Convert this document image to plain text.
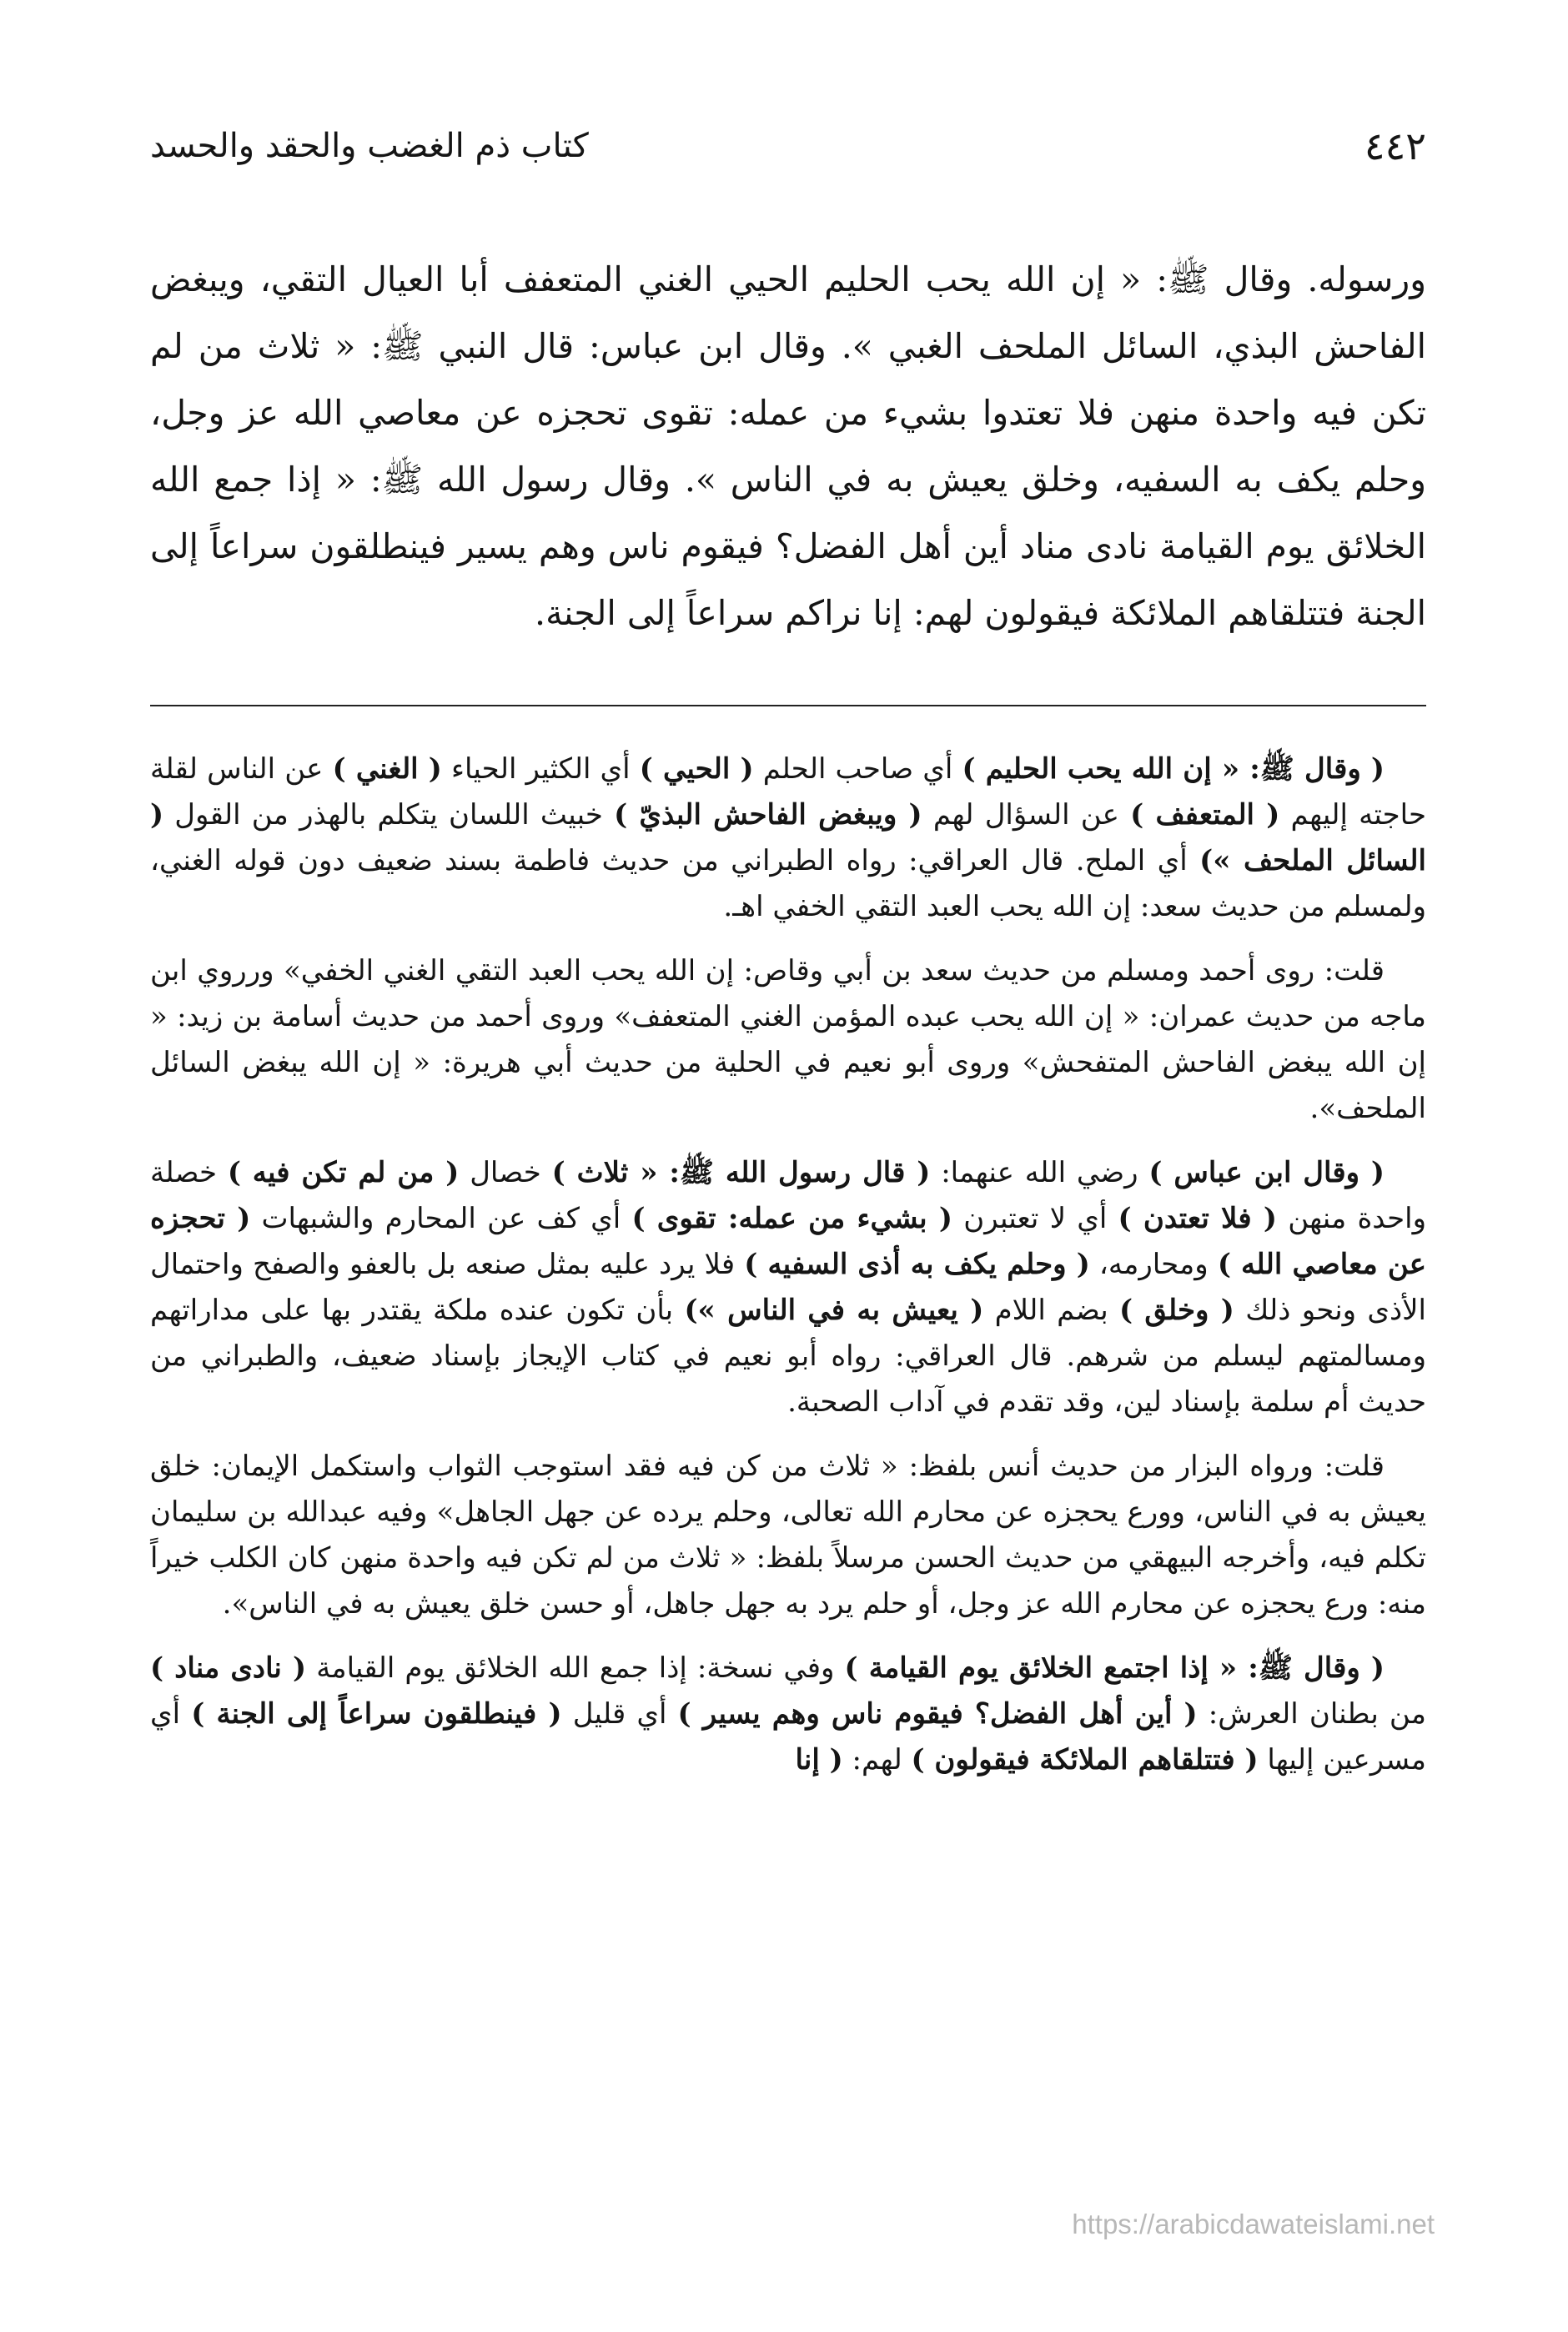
٤٤٢
كتاب ذم الغضب والحقد والحسد

ورسوله. وقال ﷺ: « إن الله يحب الحليم الحيي الغني المتعفف أبا العيال التقي، ويبغض الفاحش البذي، السائل الملحف الغبي ». وقال ابن عباس: قال النبي ﷺ: « ثلاث من لم تكن فيه واحدة منهن فلا تعتدوا بشيء من عمله: تقوى تحجزه عن معاصي الله عز وجل، وحلم يكف به السفيه، وخلق يعيش به في الناس ». وقال رسول الله ﷺ: « إذا جمع الله الخلائق يوم القيامة نادى مناد أين أهل الفضل؟ فيقوم ناس وهم يسير فينطلقون سراعاً إلى الجنة فتتلقاهم الملائكة فيقولون لهم: إنا نراكم سراعاً إلى الجنة.

( وقال ﷺ: « إن الله يحب الحليم ) أي صاحب الحلم ( الحيي ) أي الكثير الحياء ( الغني ) عن الناس لقلة حاجته إليهم ( المتعفف ) عن السؤال لهم ( ويبغض الفاحش البذيّ ) خبيث اللسان يتكلم بالهذر من القول ( السائل الملحف ») أي الملح. قال العراقي: رواه الطبراني من حديث فاطمة بسند ضعيف دون قوله الغني، ولمسلم من حديث سعد: إن الله يحب العبد التقي الخفي اهـ.

قلت: روى أحمد ومسلم من حديث سعد بن أبي وقاص: إن الله يحب العبد التقي الغني الخفي» ورروي ابن ماجه من حديث عمران: « إن الله يحب عبده المؤمن الغني المتعفف» وروى أحمد من حديث أسامة بن زيد: « إن الله يبغض الفاحش المتفحش» وروى أبو نعيم في الحلية من حديث أبي هريرة: « إن الله يبغض السائل الملحف».

( وقال ابن عباس ) رضي الله عنهما: ( قال رسول الله ﷺ: « ثلاث ) خصال ( من لم تكن فيه ) خصلة واحدة منهن ( فلا تعتدن ) أي لا تعتبرن ( بشيء من عمله: تقوى ) أي كف عن المحارم والشبهات ( تحجزه عن معاصي الله ) ومحارمه، ( وحلم يكف به أذى السفيه ) فلا يرد عليه بمثل صنعه بل بالعفو والصفح واحتمال الأذى ونحو ذلك ( وخلق ) بضم اللام ( يعيش به في الناس ») بأن تكون عنده ملكة يقتدر بها على مداراتهم ومسالمتهم ليسلم من شرهم. قال العراقي: رواه أبو نعيم في كتاب الإيجاز بإسناد ضعيف، والطبراني من حديث أم سلمة بإسناد لين، وقد تقدم في آداب الصحبة.

قلت: ورواه البزار من حديث أنس بلفظ: « ثلاث من كن فيه فقد استوجب الثواب واستكمل الإيمان: خلق يعيش به في الناس، وورع يحجزه عن محارم الله تعالى، وحلم يرده عن جهل الجاهل» وفيه عبدالله بن سليمان تكلم فيه، وأخرجه البيهقي من حديث الحسن مرسلاً بلفظ: « ثلاث من لم تكن فيه واحدة منهن كان الكلب خيراً منه: ورع يحجزه عن محارم الله عز وجل، أو حلم يرد به جهل جاهل، أو حسن خلق يعيش به في الناس».

( وقال ﷺ: « إذا اجتمع الخلائق يوم القيامة ) وفي نسخة: إذا جمع الله الخلائق يوم القيامة ( نادى مناد ) من بطنان العرش: ( أين أهل الفضل؟ فيقوم ناس وهم يسير ) أي قليل ( فينطلقون سراعاً إلى الجنة ) أي مسرعين إليها ( فتتلقاهم الملائكة فيقولون ) لهم: ( إنا

https://arabicdawateislami.net
